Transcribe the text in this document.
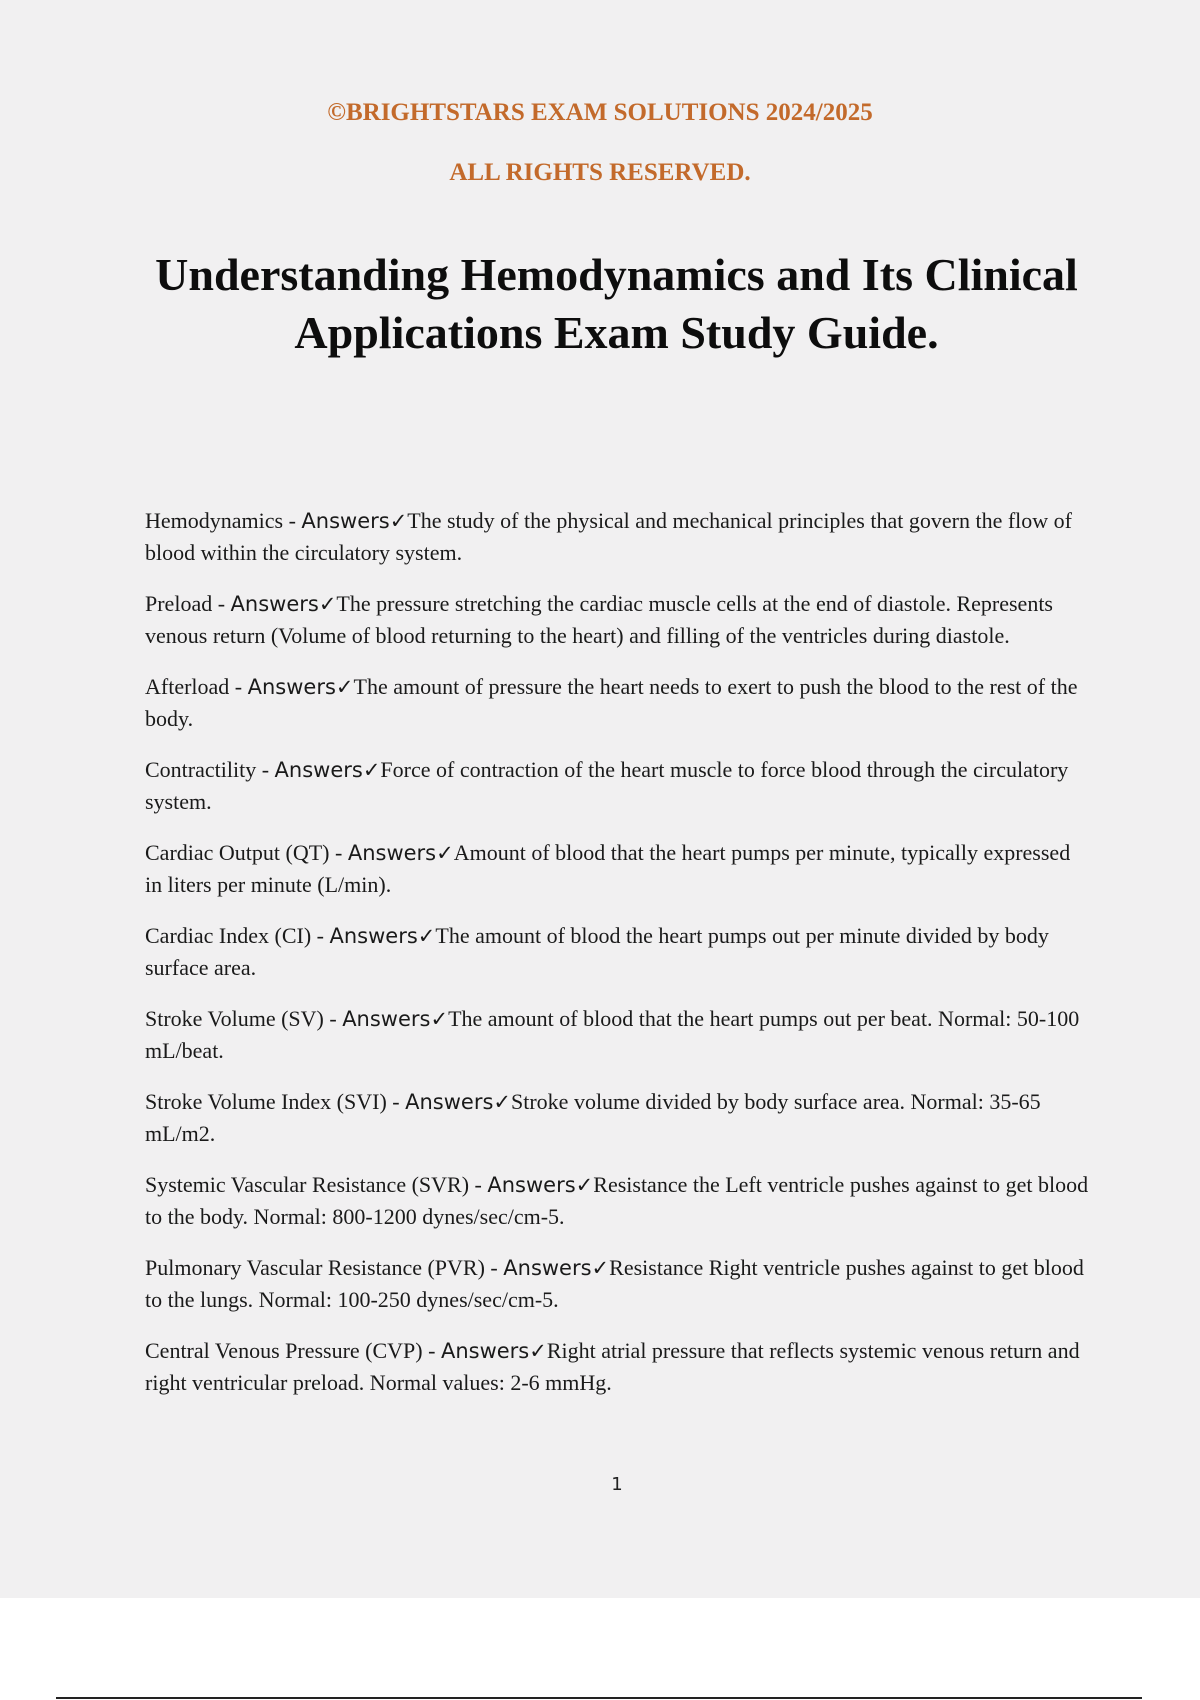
©BRIGHTSTARS EXAM SOLUTIONS 2024/2025

ALL RIGHTS RESERVED.

Understanding Hemodynamics and Its Clinical Applications Exam Study Guide.
Hemodynamics - Answers✓The study of the physical and mechanical principles that govern the flow of blood within the circulatory system.
Preload - Answers✓The pressure stretching the cardiac muscle cells at the end of diastole. Represents venous return (Volume of blood returning to the heart) and filling of the ventricles during diastole.
Afterload - Answers✓The amount of pressure the heart needs to exert to push the blood to the rest of the body.
Contractility - Answers✓Force of contraction of the heart muscle to force blood through the circulatory system.
Cardiac Output (QT) - Answers✓Amount of blood that the heart pumps per minute, typically expressed in liters per minute (L/min).
Cardiac Index (CI) - Answers✓The amount of blood the heart pumps out per minute divided by body surface area.
Stroke Volume (SV) - Answers✓The amount of blood that the heart pumps out per beat. Normal: 50-100 mL/beat.
Stroke Volume Index (SVI) - Answers✓Stroke volume divided by body surface area. Normal: 35-65 mL/m2.
Systemic Vascular Resistance (SVR) - Answers✓Resistance the Left ventricle pushes against to get blood to the body. Normal: 800-1200 dynes/sec/cm-5.
Pulmonary Vascular Resistance (PVR) - Answers✓Resistance Right ventricle pushes against to get blood to the lungs. Normal: 100-250 dynes/sec/cm-5.
Central Venous Pressure (CVP) - Answers✓Right atrial pressure that reflects systemic venous return and right ventricular preload. Normal values: 2-6 mmHg.
1
